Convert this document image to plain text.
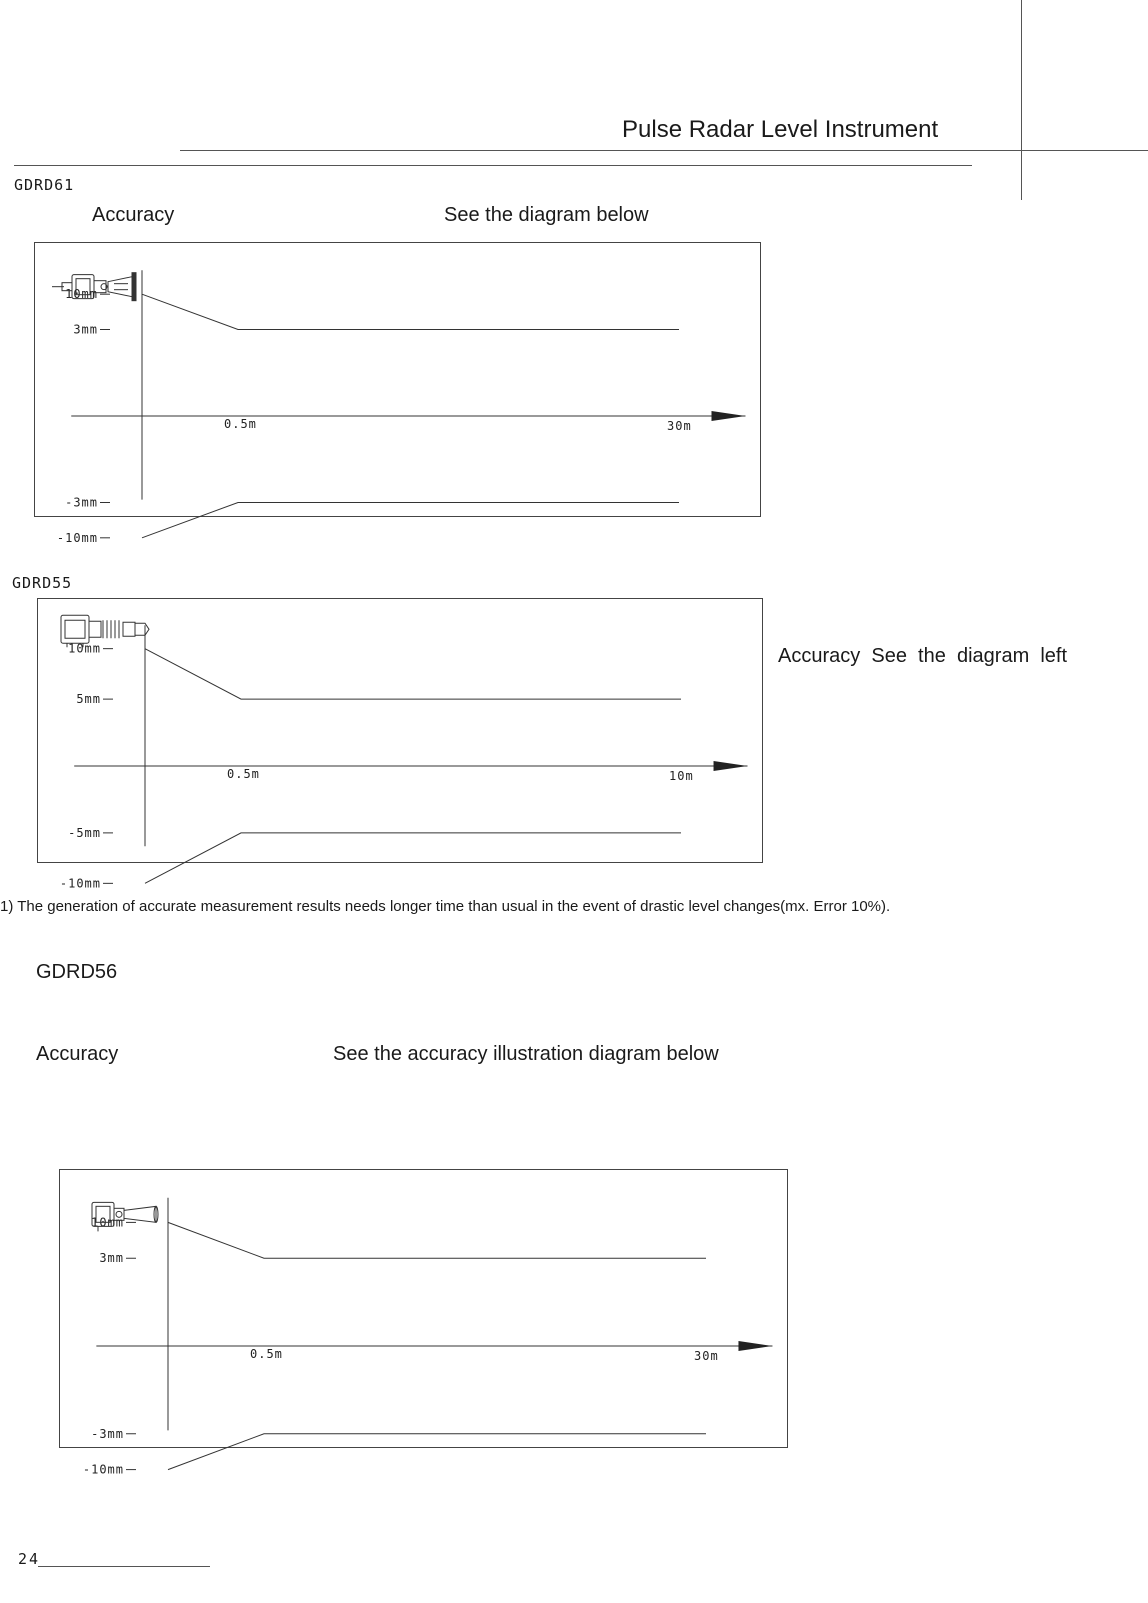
Pulse Radar Level Instrument
GDRD61
Accuracy	See the diagram below
10mm
3mm
-3mm
-10mm
0.5m	30m
GDRD55
10mm
5mm
-5mm
-10mm
0.5m	10m
Accuracy  See  the  diagram  left
1) The generation of accurate measurement results needs longer time than usual in the event of drastic level changes(mx. Error 10%).
GDRD56
Accuracy	See the accuracy illustration diagram below
10mm
3mm
-3mm
-10mm
0.5m	30m
24
